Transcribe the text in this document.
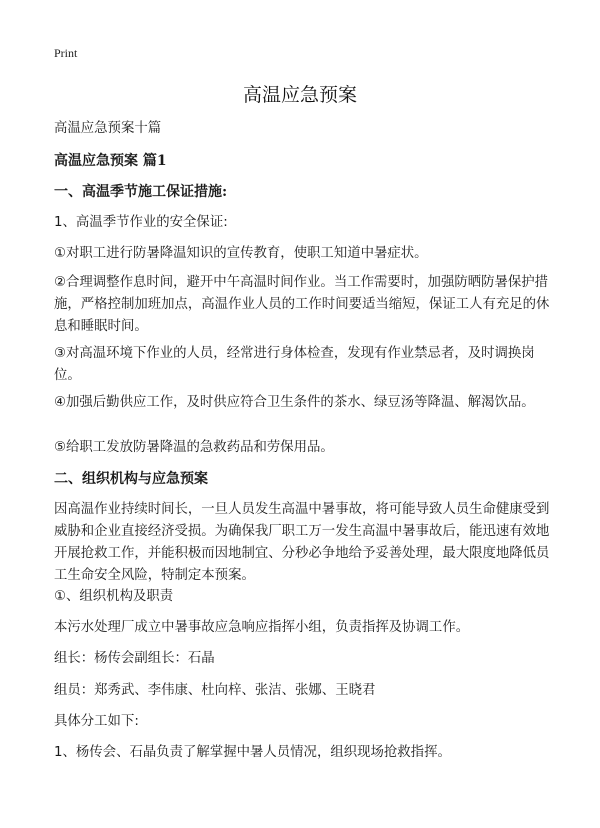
Print
高温应急预案

高温应急预案十篇

高温应急预案 篇1

一、高温季节施工保证措施:

1、高温季节作业的安全保证:

①对职工进行防暑降温知识的宣传教育，使职工知道中暑症状。

②合理调整作息时间，避开中午高温时间作业。当工作需要时，加强防晒防暑保护措施，严格控制加班加点，高温作业人员的工作时间要适当缩短，保证工人有充足的休息和睡眠时间。

③对高温环境下作业的人员，经常进行身体检查，发现有作业禁忌者，及时调换岗位。

④加强后勤供应工作，及时供应符合卫生条件的茶水、绿豆汤等降温、解渴饮品。

⑤给职工发放防暑降温的急救药品和劳保用品。

二、组织机构与应急预案

因高温作业持续时间长，一旦人员发生高温中暑事故，将可能导致人员生命健康受到威胁和企业直接经济受损。为确保我厂职工万一发生高温中暑事故后，能迅速有效地开展抢救工作，并能积极而因地制宜、分秒必争地给予妥善处理，最大限度地降低员工生命安全风险，特制定本预案。

①、组织机构及职责

本污水处理厂成立中暑事故应急响应指挥小组，负责指挥及协调工作。

组长：杨传会副组长：石晶

组员：郑秀武、李伟康、杜向梓、张洁、张娜、王晓君

具体分工如下:

1、杨传会、石晶负责了解掌握中暑人员情况，组织现场抢救指挥。
